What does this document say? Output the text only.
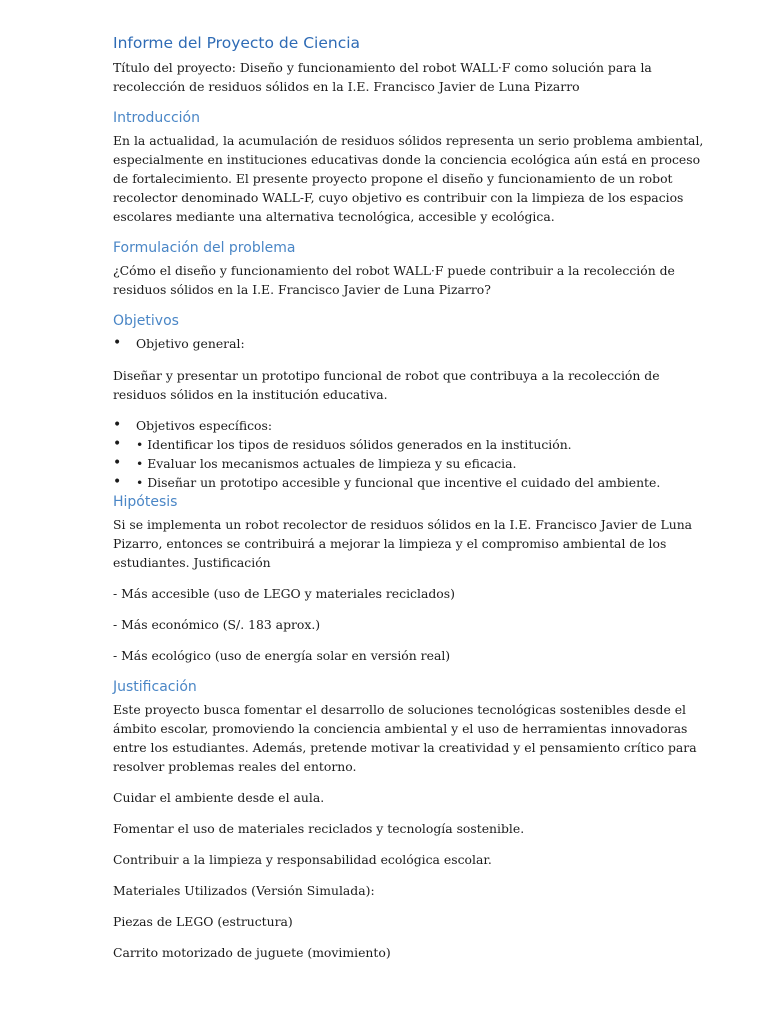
Informe del Proyecto de Ciencia

Título del proyecto: Diseño y funcionamiento del robot WALL·F como solución para la recolección de residuos sólidos en la I.E. Francisco Javier de Luna Pizarro

Introducción

En la actualidad, la acumulación de residuos sólidos representa un serio problema ambiental, especialmente en instituciones educativas donde la conciencia ecológica aún está en proceso de fortalecimiento. El presente proyecto propone el diseño y funcionamiento de un robot recolector denominado WALL-F, cuyo objetivo es contribuir con la limpieza de los espacios escolares mediante una alternativa tecnológica, accesible y ecológica.

Formulación del problema

¿Cómo el diseño y funcionamiento del robot WALL·F puede contribuir a la recolección de residuos sólidos en la I.E. Francisco Javier de Luna Pizarro?

Objetivos
• Objetivo general:

Diseñar y presentar un prototipo funcional de robot que contribuya a la recolección de residuos sólidos en la institución educativa.

• Objetivos específicos:
• • Identificar los tipos de residuos sólidos generados en la institución.
• • Evaluar los mecanismos actuales de limpieza y su eficacia.
• • Diseñar un prototipo accesible y funcional que incentive el cuidado del ambiente.
Hipótesis

Si se implementa un robot recolector de residuos sólidos en la I.E. Francisco Javier de Luna Pizarro, entonces se contribuirá a mejorar la limpieza y el compromiso ambiental de los estudiantes. Justificación

- Más accesible (uso de LEGO y materiales reciclados)

- Más económico (S/. 183 aprox.)

- Más ecológico (uso de energía solar en versión real)

Justificación

Este proyecto busca fomentar el desarrollo de soluciones tecnológicas sostenibles desde el ámbito escolar, promoviendo la conciencia ambiental y el uso de herramientas innovadoras entre los estudiantes. Además, pretende motivar la creatividad y el pensamiento crítico para resolver problemas reales del entorno.

Cuidar el ambiente desde el aula.

Fomentar el uso de materiales reciclados y tecnología sostenible.

Contribuir a la limpieza y responsabilidad ecológica escolar.

Materiales Utilizados (Versión Simulada):

Piezas de LEGO (estructura)

Carrito motorizado de juguete (movimiento)
